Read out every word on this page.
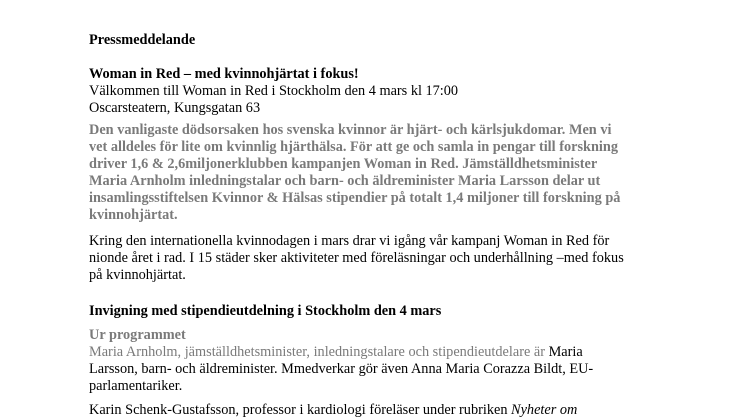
Pressmeddelande
Woman in Red – med kvinnohjärtat i fokus!
Välkommen till Woman in Red i Stockholm den 4 mars kl 17:00
Oscarsteatern, Kungsgatan 63
Den vanligaste dödsorsaken hos svenska kvinnor är hjärt- och kärlsjukdomar. Men vi
vet alldeles för lite om kvinnlig hjärthälsa. För att ge och samla in pengar till forskning
driver 1,6 & 2,6miljonerklubben kampanjen Woman in Red. Jämställdhetsminister
Maria Arnholm inledningstalar och barn- och äldreminister Maria Larsson delar ut
insamlingsstiftelsen Kvinnor & Hälsas stipendier på totalt 1,4 miljoner till forskning på
kvinnohjärtat.
Kring den internationella kvinnodagen i mars drar vi igång vår kampanj Woman in Red för
nionde året i rad. I 15 städer sker aktiviteter med föreläsningar och underhållning –med fokus
på kvinnohjärtat.
Invigning med stipendieutdelning i Stockholm den 4 mars
Ur programmet
Maria Arnholm, jämställdhetsminister, inledningstalare och stipendieutdelare är Maria
Larsson, barn- och äldreminister. Mmedverkar gör även Anna Maria Corazza Bildt, EU-
parlamentariker.
Karin Schenk-Gustafsson, professor i kardiologi föreläser under rubriken Nyheter om
